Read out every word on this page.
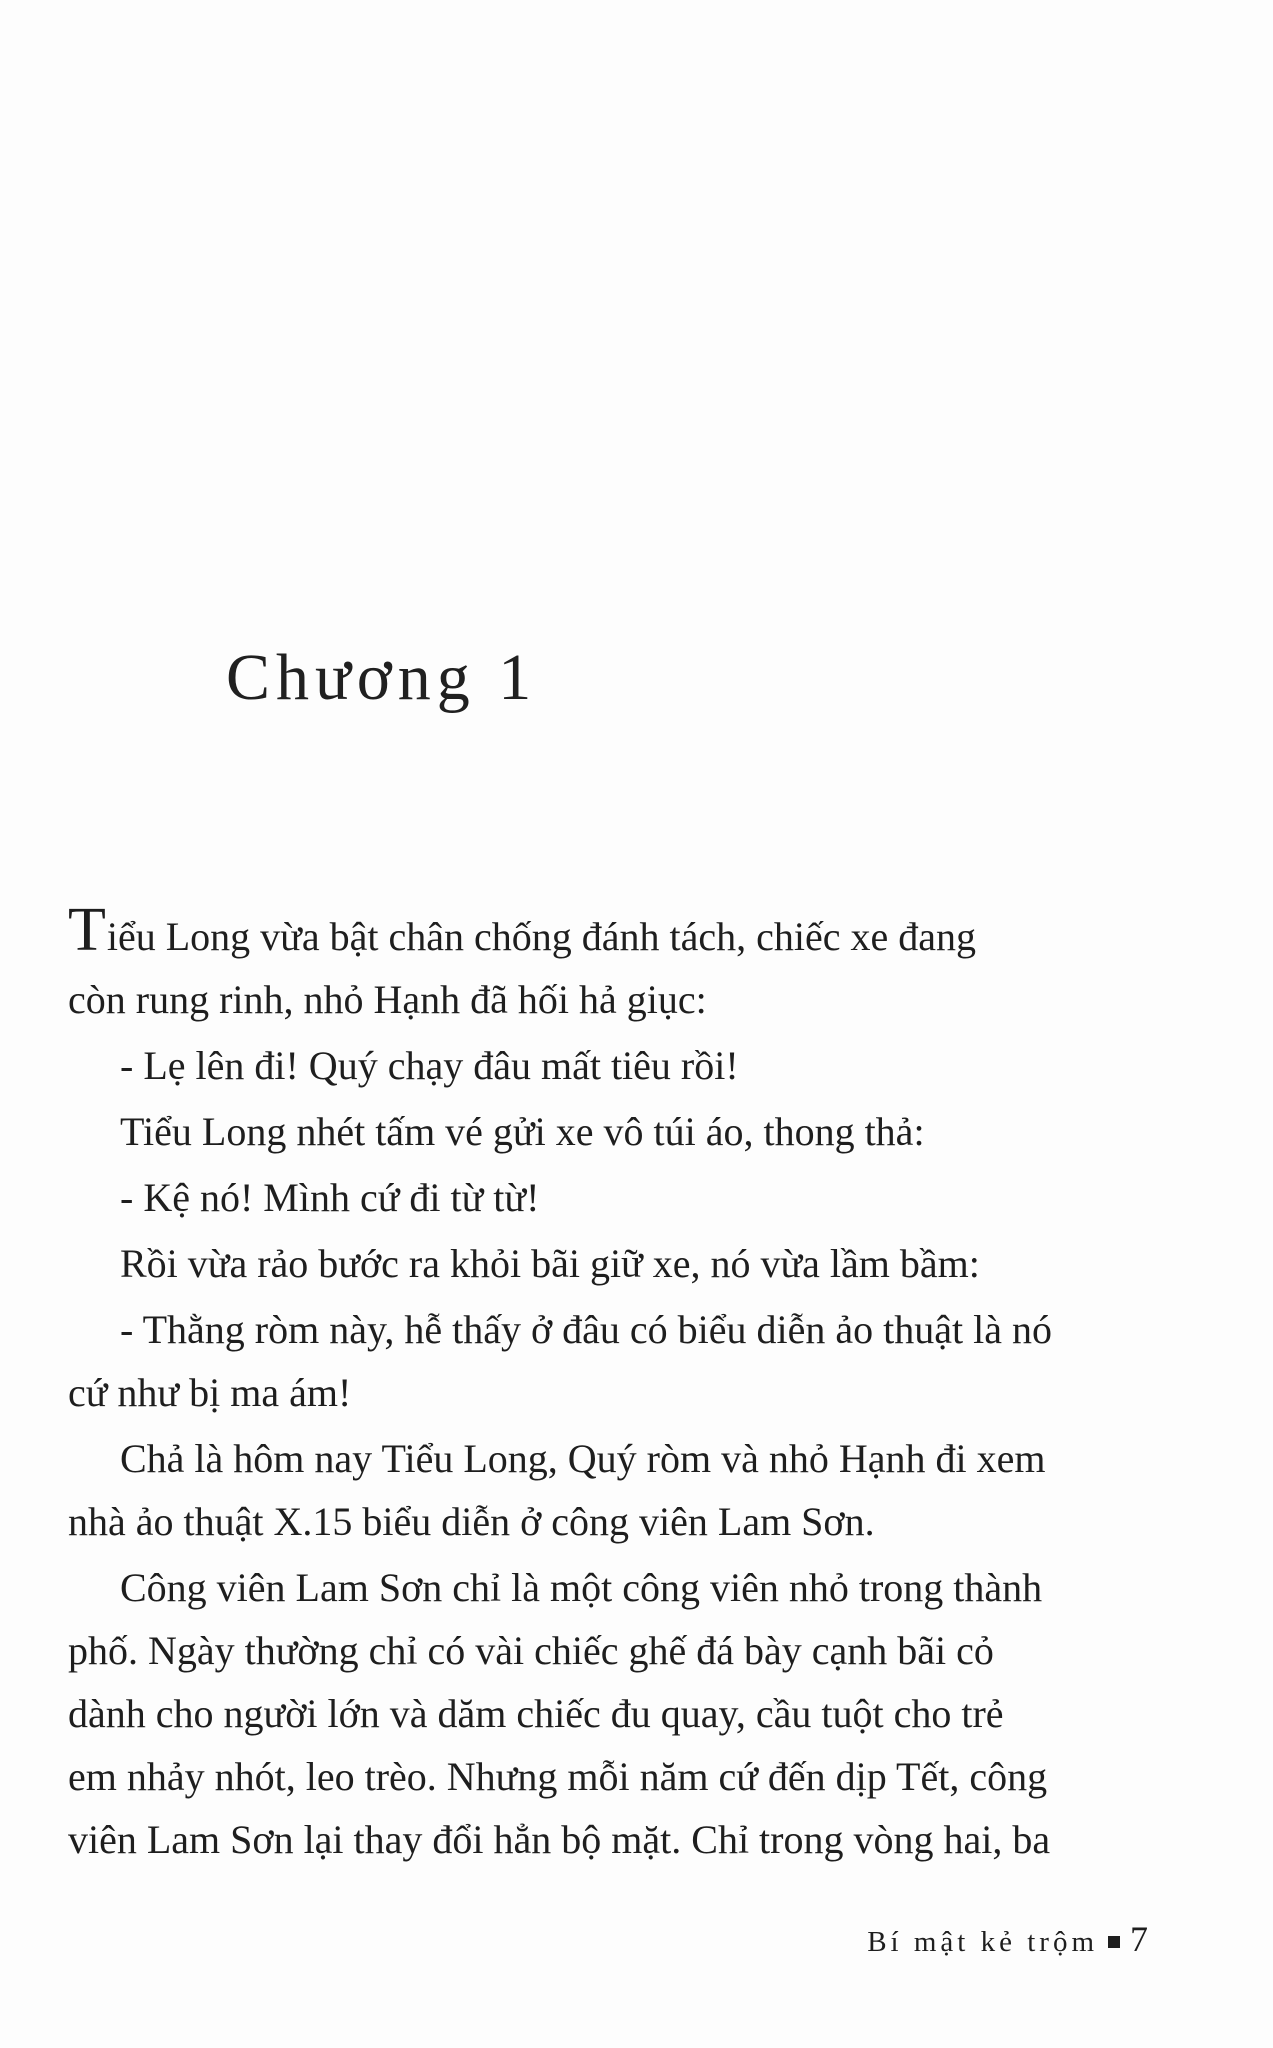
Chương 1

Tiểu Long vừa bật chân chống đánh tách, chiếc xe đang

còn rung rinh, nhỏ Hạnh đã hối hả giục:

- Lẹ lên đi! Quý chạy đâu mất tiêu rồi!

Tiểu Long nhét tấm vé gửi xe vô túi áo, thong thả:

- Kệ nó! Mình cứ đi từ từ!

Rồi vừa rảo bước ra khỏi bãi giữ xe, nó vừa lầm bầm:

- Thằng ròm này, hễ thấy ở đâu có biểu diễn ảo thuật là nó

cứ như bị ma ám!

Chả là hôm nay Tiểu Long, Quý ròm và nhỏ Hạnh đi xem

nhà ảo thuật X.15 biểu diễn ở công viên Lam Sơn.

Công viên Lam Sơn chỉ là một công viên nhỏ trong thành

phố. Ngày thường chỉ có vài chiếc ghế đá bày cạnh bãi cỏ

dành cho người lớn và dăm chiếc đu quay, cầu tuột cho trẻ

em nhảy nhót, leo trèo. Nhưng mỗi năm cứ đến dịp Tết, công

viên Lam Sơn lại thay đổi hẳn bộ mặt. Chỉ trong vòng hai, ba

Bí mật kẻ trộm 7
